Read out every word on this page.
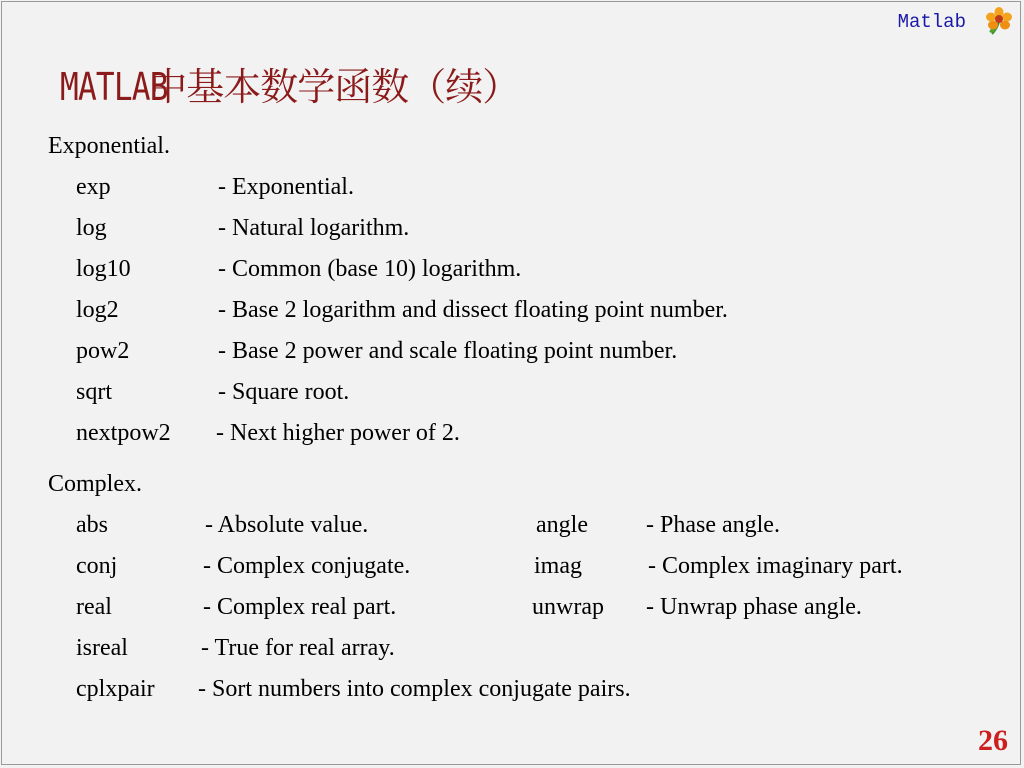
Matlab
MATLAB中基本数学函数（续）
Exponential.
exp	- Exponential.
log	- Natural logarithm.
log10	- Common (base 10) logarithm.
log2	- Base 2 logarithm and dissect floating point number.
pow2	- Base 2 power and scale floating point number.
sqrt	- Square root.
nextpow2 - Next higher power of 2.
Complex.
abs	- Absolute value.	angle - Phase angle.
conj	- Complex conjugate.	imag	- Complex imaginary part.
real	- Complex real part.	unwrap - Unwrap phase angle.
isreal	- True for real array.
cplxpair - Sort numbers into complex conjugate pairs.
26
